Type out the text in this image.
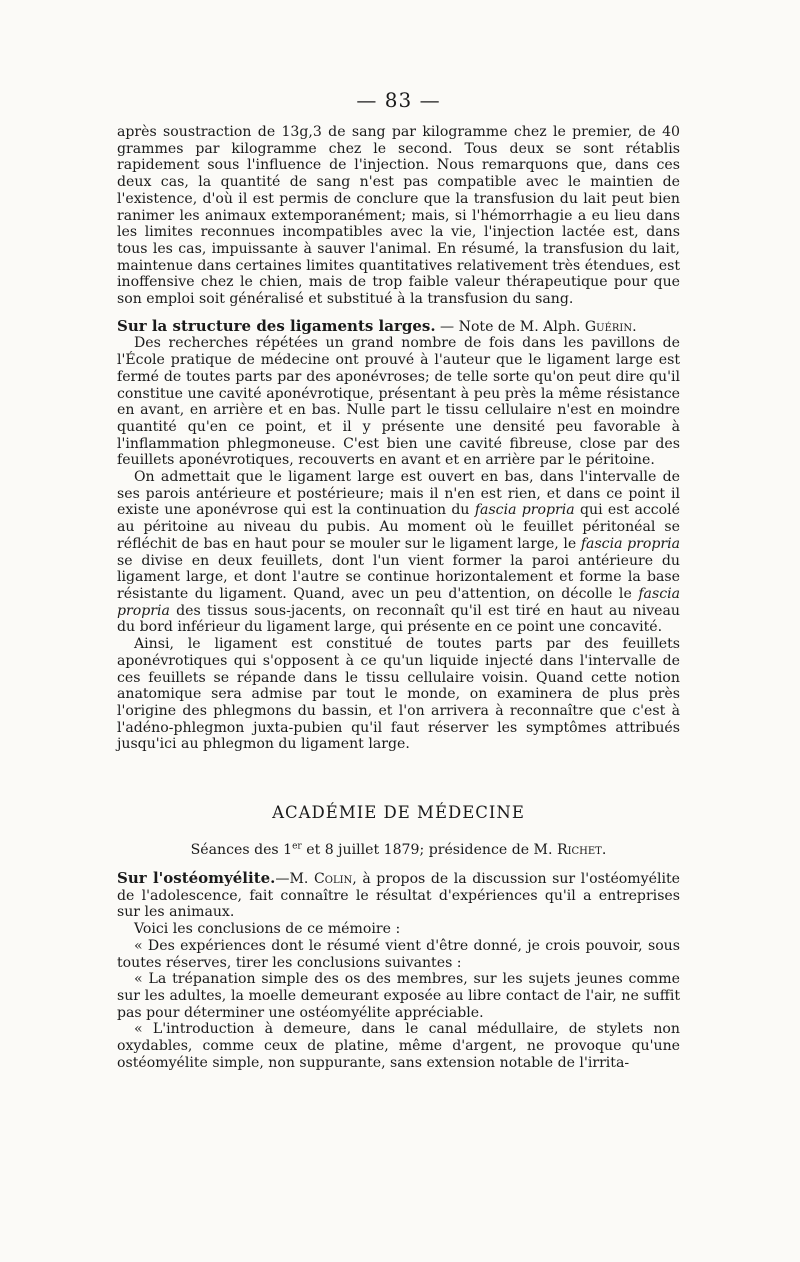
— 83 —

après soustraction de 13g,3 de sang par kilogramme chez le premier, de 40 grammes par kilogramme chez le second. Tous deux se sont rétablis rapidement sous l'influence de l'injection. Nous remarquons que, dans ces deux cas, la quantité de sang n'est pas compatible avec le maintien de l'existence, d'où il est permis de conclure que la transfusion du lait peut bien ranimer les animaux extemporanément; mais, si l'hémorrhagie a eu lieu dans les limites reconnues incompatibles avec la vie, l'injection lactée est, dans tous les cas, impuissante à sauver l'animal. En résumé, la transfusion du lait, maintenue dans certaines limites quantitatives relativement très étendues, est inoffensive chez le chien, mais de trop faible valeur thérapeutique pour que son emploi soit généralisé et substitué à la transfusion du sang.

Sur la structure des ligaments larges. — Note de M. Alph. Guérin.

Des recherches répétées un grand nombre de fois dans les pavillons de l'École pratique de médecine ont prouvé à l'auteur que le ligament large est fermé de toutes parts par des aponévroses; de telle sorte qu'on peut dire qu'il constitue une cavité aponévrotique, présentant à peu près la même résistance en avant, en arrière et en bas. Nulle part le tissu cellulaire n'est en moindre quantité qu'en ce point, et il y présente une densité peu favorable à l'inflammation phlegmoneuse. C'est bien une cavité fibreuse, close par des feuillets aponévrotiques, recouverts en avant et en arrière par le péritoine.

On admettait que le ligament large est ouvert en bas, dans l'intervalle de ses parois antérieure et postérieure; mais il n'en est rien, et dans ce point il existe une aponévrose qui est la continuation du fascia propria qui est accolé au péritoine au niveau du pubis. Au moment où le feuillet péritonéal se réfléchit de bas en haut pour se mouler sur le ligament large, le fascia propria se divise en deux feuillets, dont l'un vient former la paroi antérieure du ligament large, et dont l'autre se continue horizontalement et forme la base résistante du ligament. Quand, avec un peu d'attention, on décolle le fascia propria des tissus sous-jacents, on reconnaît qu'il est tiré en haut au niveau du bord inférieur du ligament large, qui présente en ce point une concavité.

Ainsi, le ligament est constitué de toutes parts par des feuillets aponévrotiques qui s'opposent à ce qu'un liquide injecté dans l'intervalle de ces feuillets se répande dans le tissu cellulaire voisin. Quand cette notion anatomique sera admise par tout le monde, on examinera de plus près l'origine des phlegmons du bassin, et l'on arrivera à reconnaître que c'est à l'adéno-phlegmon juxta-pubien qu'il faut réserver les symptômes attribués jusqu'ici au phlegmon du ligament large.

ACADÉMIE DE MÉDECINE
Séances des 1er et 8 juillet 1879; présidence de M. Richet.

Sur l'ostéomyélite.—M. Colin, à propos de la discussion sur l'ostéomyélite de l'adolescence, fait connaître le résultat d'expériences qu'il a entreprises sur les animaux.

Voici les conclusions de ce mémoire :

« Des expériences dont le résumé vient d'être donné, je crois pouvoir, sous toutes réserves, tirer les conclusions suivantes :

« La trépanation simple des os des membres, sur les sujets jeunes comme sur les adultes, la moelle demeurant exposée au libre contact de l'air, ne suffit pas pour déterminer une ostéomyélite appréciable.

« L'introduction à demeure, dans le canal médullaire, de stylets non oxydables, comme ceux de platine, même d'argent, ne provoque qu'une ostéomyélite simple, non suppurante, sans extension notable de l'irrita-
